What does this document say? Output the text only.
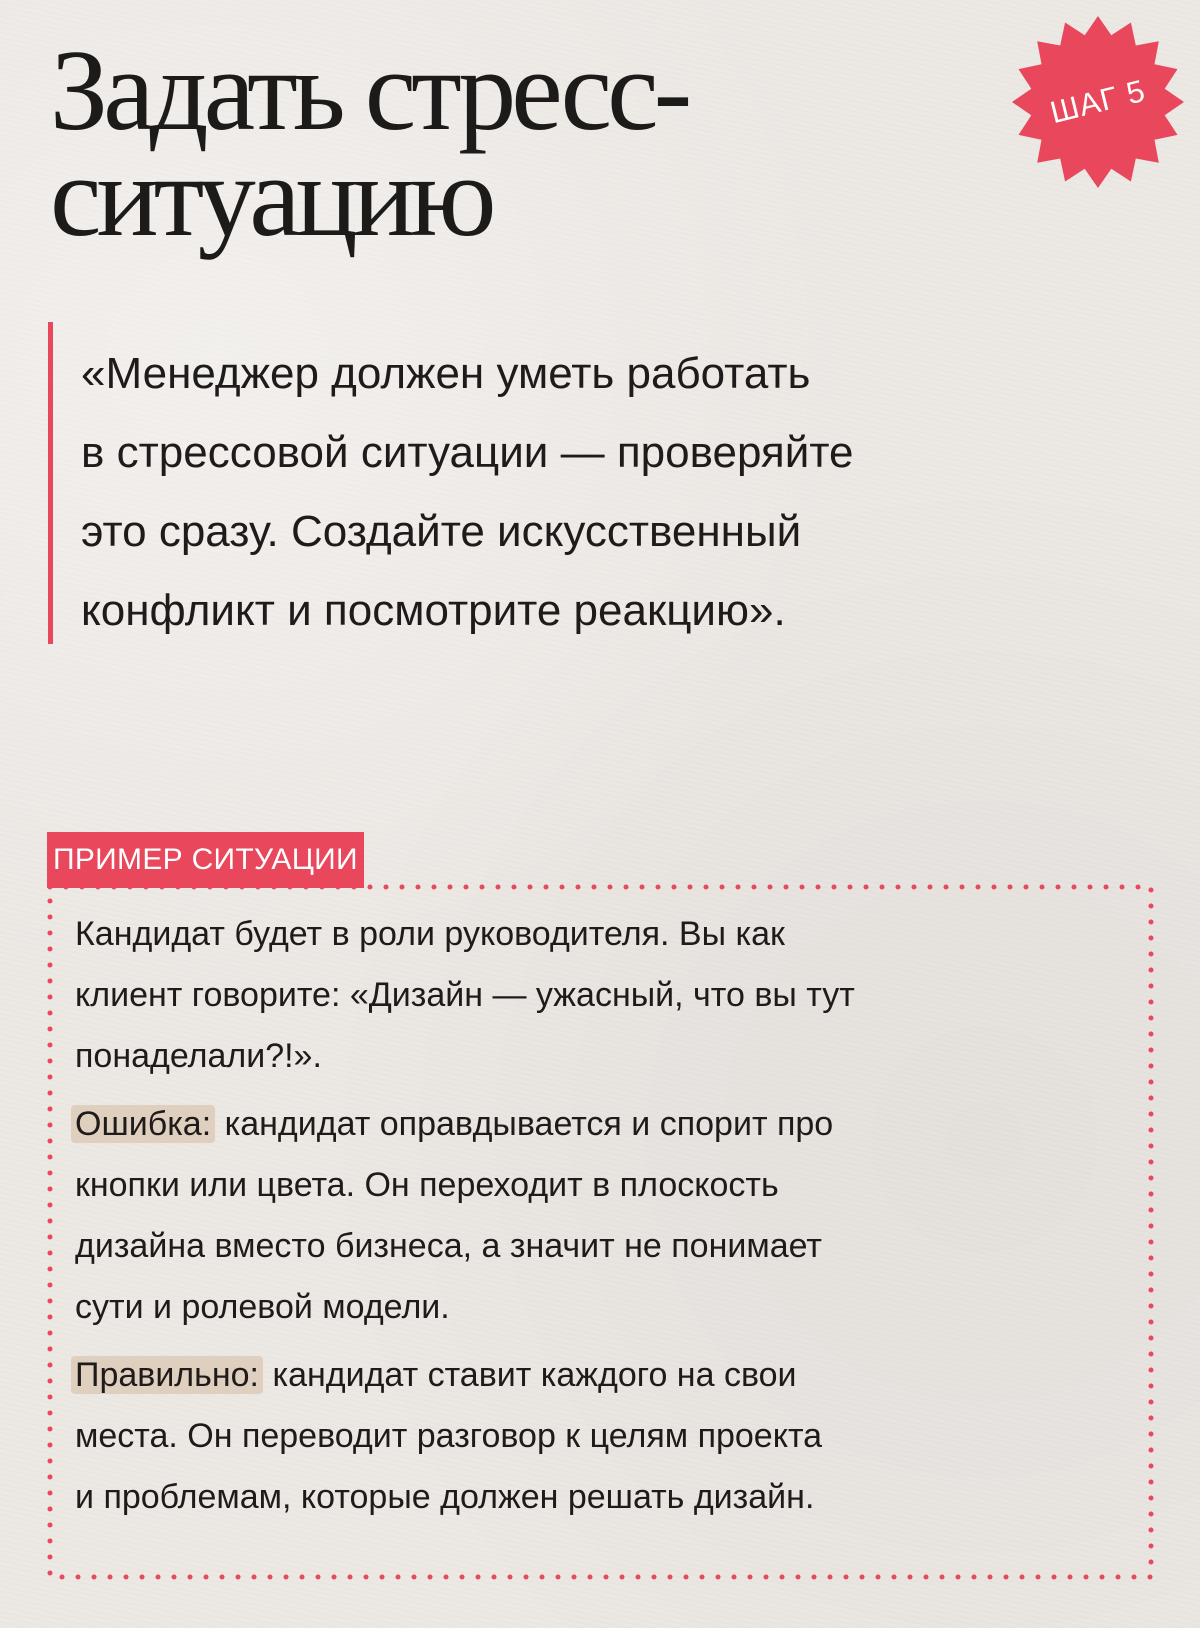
Задать стресс-
ситуацию
ШАГ 5
«Менеджер должен уметь работать
в стрессовой ситуации — проверяйте
это сразу. Создайте искусственный
конфликт и посмотрите реакцию».
Кандидат будет в роли руководителя. Вы как
клиент говорите: «Дизайн — ужасный, что вы тут
понаделали?!».
Ошибка: кандидат оправдывается и спорит про
кнопки или цвета. Он переходит в плоскость
дизайна вместо бизнеса, а значит не понимает
сути и ролевой модели.
Правильно: кандидат ставит каждого на свои
места. Он переводит разговор к целям проекта
и проблемам, которые должен решать дизайн.
ПРИМЕР СИТУАЦИИ
